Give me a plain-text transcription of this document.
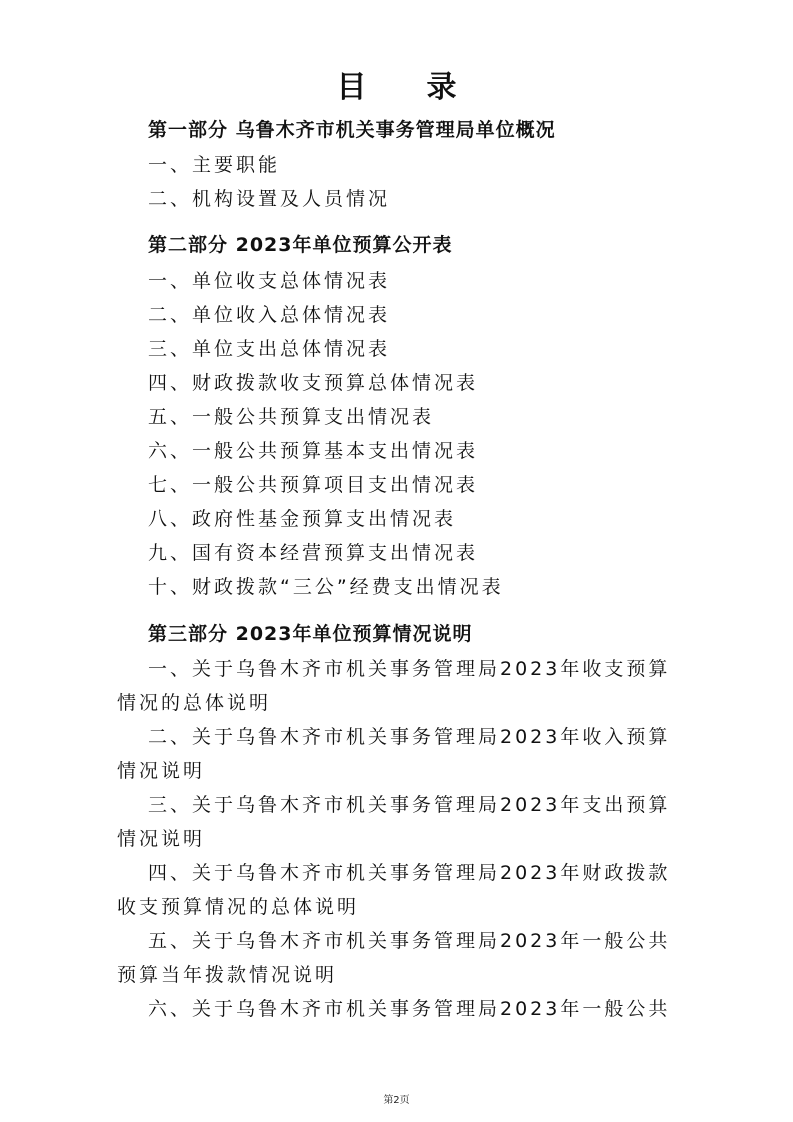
目 录
第一部分 乌鲁木齐市机关事务管理局单位概况
一、主要职能
二、机构设置及人员情况
第二部分 2023年单位预算公开表
一、单位收支总体情况表
二、单位收入总体情况表
三、单位支出总体情况表
四、财政拨款收支预算总体情况表
五、一般公共预算支出情况表
六、一般公共预算基本支出情况表
七、一般公共预算项目支出情况表
八、政府性基金预算支出情况表
九、国有资本经营预算支出情况表
十、财政拨款“三公”经费支出情况表
第三部分 2023年单位预算情况说明
一、关于乌鲁木齐市机关事务管理局2023年收支预算
情况的总体说明
二、关于乌鲁木齐市机关事务管理局2023年收入预算
情况说明
三、关于乌鲁木齐市机关事务管理局2023年支出预算
情况说明
四、关于乌鲁木齐市机关事务管理局2023年财政拨款
收支预算情况的总体说明
五、关于乌鲁木齐市机关事务管理局2023年一般公共
预算当年拨款情况说明
六、关于乌鲁木齐市机关事务管理局2023年一般公共
第2页
